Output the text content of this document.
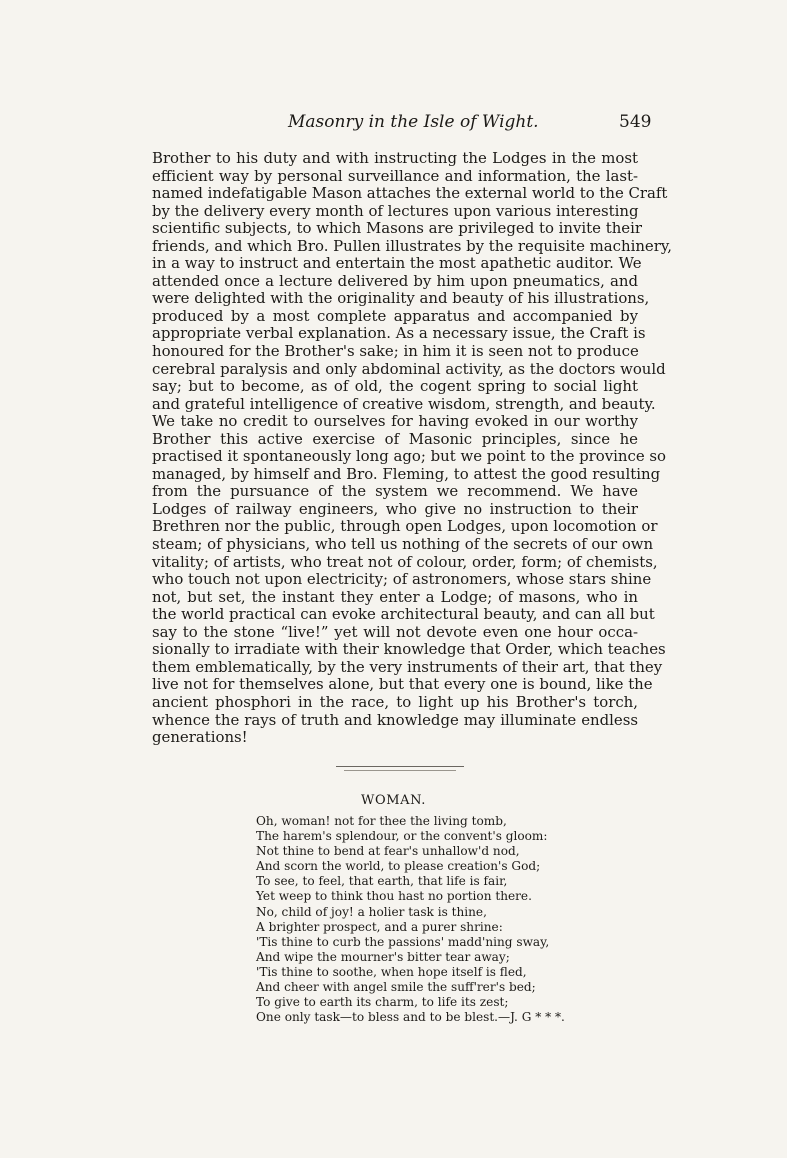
Masonry in the Isle of Wight.	549
Brother to his duty and with instructing the Lodges in the most
efficient way by personal surveillance and information, the last-
named indefatigable Mason attaches the external world to the Craft
by the delivery every month of lectures upon various interesting
scientific subjects, to which Masons are privileged to invite their
friends, and which Bro. Pullen illustrates by the requisite machinery,
in a way to instruct and entertain the most apathetic auditor. We
attended once a lecture delivered by him upon pneumatics, and
were delighted with the originality and beauty of his illustrations,
produced by a most complete apparatus and accompanied by
appropriate verbal explanation. As a necessary issue, the Craft is
honoured for the Brother's sake; in him it is seen not to produce
cerebral paralysis and only abdominal activity, as the doctors would
say; but to become, as of old, the cogent spring to social light
and grateful intelligence of creative wisdom, strength, and beauty.
We take no credit to ourselves for having evoked in our worthy
Brother this active exercise of Masonic principles, since he
practised it spontaneously long ago; but we point to the province so
managed, by himself and Bro. Fleming, to attest the good resulting
from the pursuance of the system we recommend. We have
Lodges of railway engineers, who give no instruction to their
Brethren nor the public, through open Lodges, upon locomotion or
steam; of physicians, who tell us nothing of the secrets of our own
vitality; of artists, who treat not of colour, order, form; of chemists,
who touch not upon electricity; of astronomers, whose stars shine
not, but set, the instant they enter a Lodge; of masons, who in
the world practical can evoke architectural beauty, and can all but
say to the stone “live!” yet will not devote even one hour occa-
sionally to irradiate with their knowledge that Order, which teaches
them emblematically, by the very instruments of their art, that they
live not for themselves alone, but that every one is bound, like the
ancient phosphori in the race, to light up his Brother's torch,
whence the rays of truth and knowledge may illuminate endless
generations!
WOMAN.
Oh, woman! not for thee the living tomb,
The harem's splendour, or the convent's gloom:
Not thine to bend at fear's unhallow'd nod,
And scorn the world, to please creation's God;
To see, to feel, that earth, that life is fair,
Yet weep to think thou hast no portion there.
No, child of joy! a holier task is thine,
A brighter prospect, and a purer shrine:
'Tis thine to curb the passions' madd'ning sway,
And wipe the mourner's bitter tear away;
'Tis thine to soothe, when hope itself is fled,
And cheer with angel smile the suff'rer's bed;
To give to earth its charm, to life its zest;
One only task—to bless and to be blest.—J. G * * *.
